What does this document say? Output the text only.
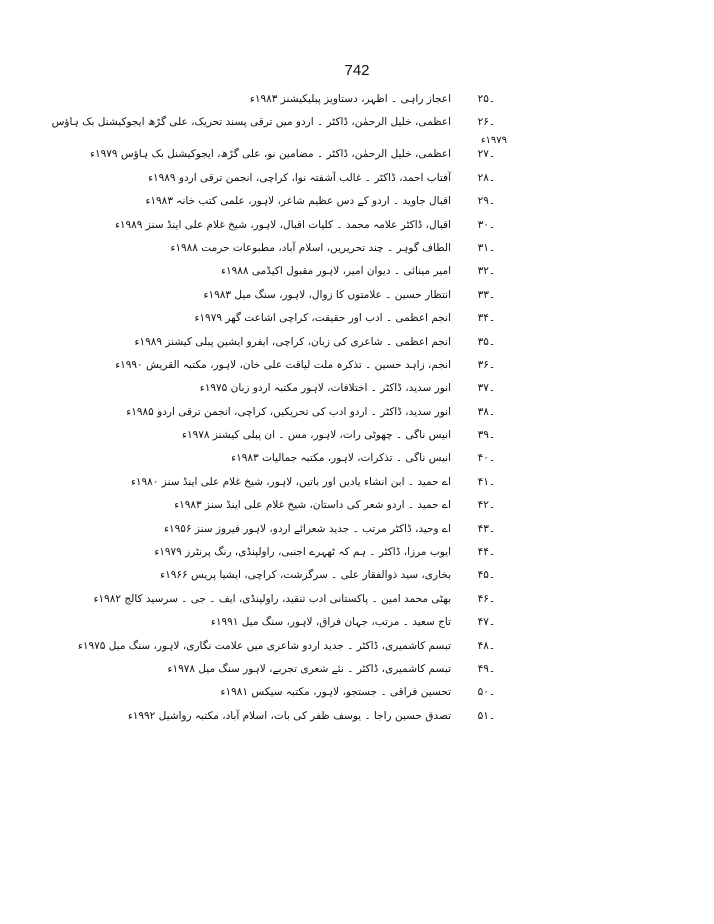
742
۔۲۵
اعجاز راہی ۔ اظہر، دستاویز پبلیکیشنز ۱۹۸۳ء
۔۲۶
اعظمی، خلیل الرحمٰن، ڈاکٹر ۔ اردو میں ترقی پسند تحریک، علی گڑھ ایجوکیشنل بک ہاؤس
۱۹۷۹ء
۔۲۷
اعظمی، خلیل الرحمٰن، ڈاکٹر ۔ مضامین نو، علی گڑھ، ایجوکیشنل بک ہاؤس ۱۹۷۹ء
۔۲۸
آفتاب احمد، ڈاکٹر ۔ غالب آشفتہ نوا، کراچی، انجمن ترقی اردو ۱۹۸۹ء
۔۲۹
اقبال جاوید ۔ اردو کے دس عظیم شاعر، لاہور، علمی کتب خانہ ۱۹۸۳ء
۔۳۰
اقبال، ڈاکٹر علامہ محمد ۔ کلیات اقبال، لاہور، شیخ غلام علی اینڈ سنز ۱۹۸۹ء
۔۳۱
الطاف گوہر ۔ چند تحریریں، اسلام آباد، مطبوعات حرمت ۱۹۸۸ء
۔۳۲
امیر مینائی ۔ دیوان امیر، لاہور مقبول اکیڈمی ۱۹۸۸ء
۔۳۳
انتظار حسین ۔ علامتوں کا زوال، لاہور، سنگ میل ۱۹۸۳ء
۔۳۴
انجم اعظمی ۔ ادب اور حقیقت، کراچی اشاعت گھر ۱۹۷۹ء
۔۳۵
انجم اعظمی ۔ شاعری کی زبان، کراچی، ایفرو ایشین پبلی کیشنز ۱۹۸۹ء
۔۳۶
انجم، زاہد حسین ۔ تذکرہ ملت لیاقت علی خان، لاہور، مکتبہ القریش ۱۹۹۰ء
۔۳۷
انور سدید، ڈاکٹر ۔ اختلافات، لاہور مکتبہ اردو زبان ۱۹۷۵ء
۔۳۸
انور سدید، ڈاکٹر ۔ اردو ادب کی تحریکیں، کراچی، انجمن ترقی اردو ۱۹۸۵ء
۔۳۹
انیس ناگی ۔ چھوٹی رات، لاہور، مس ۔ ان پبلی کیشنز ۱۹۷۸ء
۔۴۰
انیس ناگی ۔ تذکرات، لاہور، مکتبہ جمالیات ۱۹۸۳ء
۔۴۱
اے حمید ۔ ابن انشاء یادیں اور باتیں، لاہور، شیخ غلام علی اینڈ سنز ۱۹۸۰ء
۔۴۲
اے حمید ۔ اردو شعر کی داستان، شیخ غلام علی اینڈ سنز ۱۹۸۳ء
۔۴۳
اے وحید، ڈاکٹر مرتب ۔ جدید شعرائے اردو، لاہور فیروز سنز ۱۹۵۶ء
۔۴۴
ایوب مرزا، ڈاکٹر ۔ ہم کہ ٹھہرے اجنبی، راولپنڈی، رنگ پرنٹرز ۱۹۷۹ء
۔۴۵
بخاری، سید ذوالفقار علی ۔ سرگزشت، کراچی، ایشیا پریس ۱۹۶۶ء
۔۴۶
بھٹی محمد امین ۔ پاکستانی ادب تنقید، راولپنڈی، ایف ۔ جی ۔ سرسید کالج ۱۹۸۲ء
۔۴۷
تاج سعید ۔ مرتب، جہان فراق، لاہور، سنگ میل ۱۹۹۱ء
۔۴۸
تبسم کاشمیری، ڈاکٹر ۔ جدید اردو شاعری میں علامت نگاری، لاہور، سنگ میل ۱۹۷۵ء
۔۴۹
تبسم کاشمیری، ڈاکٹر ۔ نئے شعری تجربے، لاہور سنگ میل ۱۹۷۸ء
۔۵۰
تحسین فراقی ۔ جستجو، لاہور، مکتبہ سیکس ۱۹۸۱ء
۔۵۱
تصدق حسین راجا ۔ یوسف ظفر کی بات، اسلام آباد، مکتبہ رواشیل ۱۹۹۲ء
